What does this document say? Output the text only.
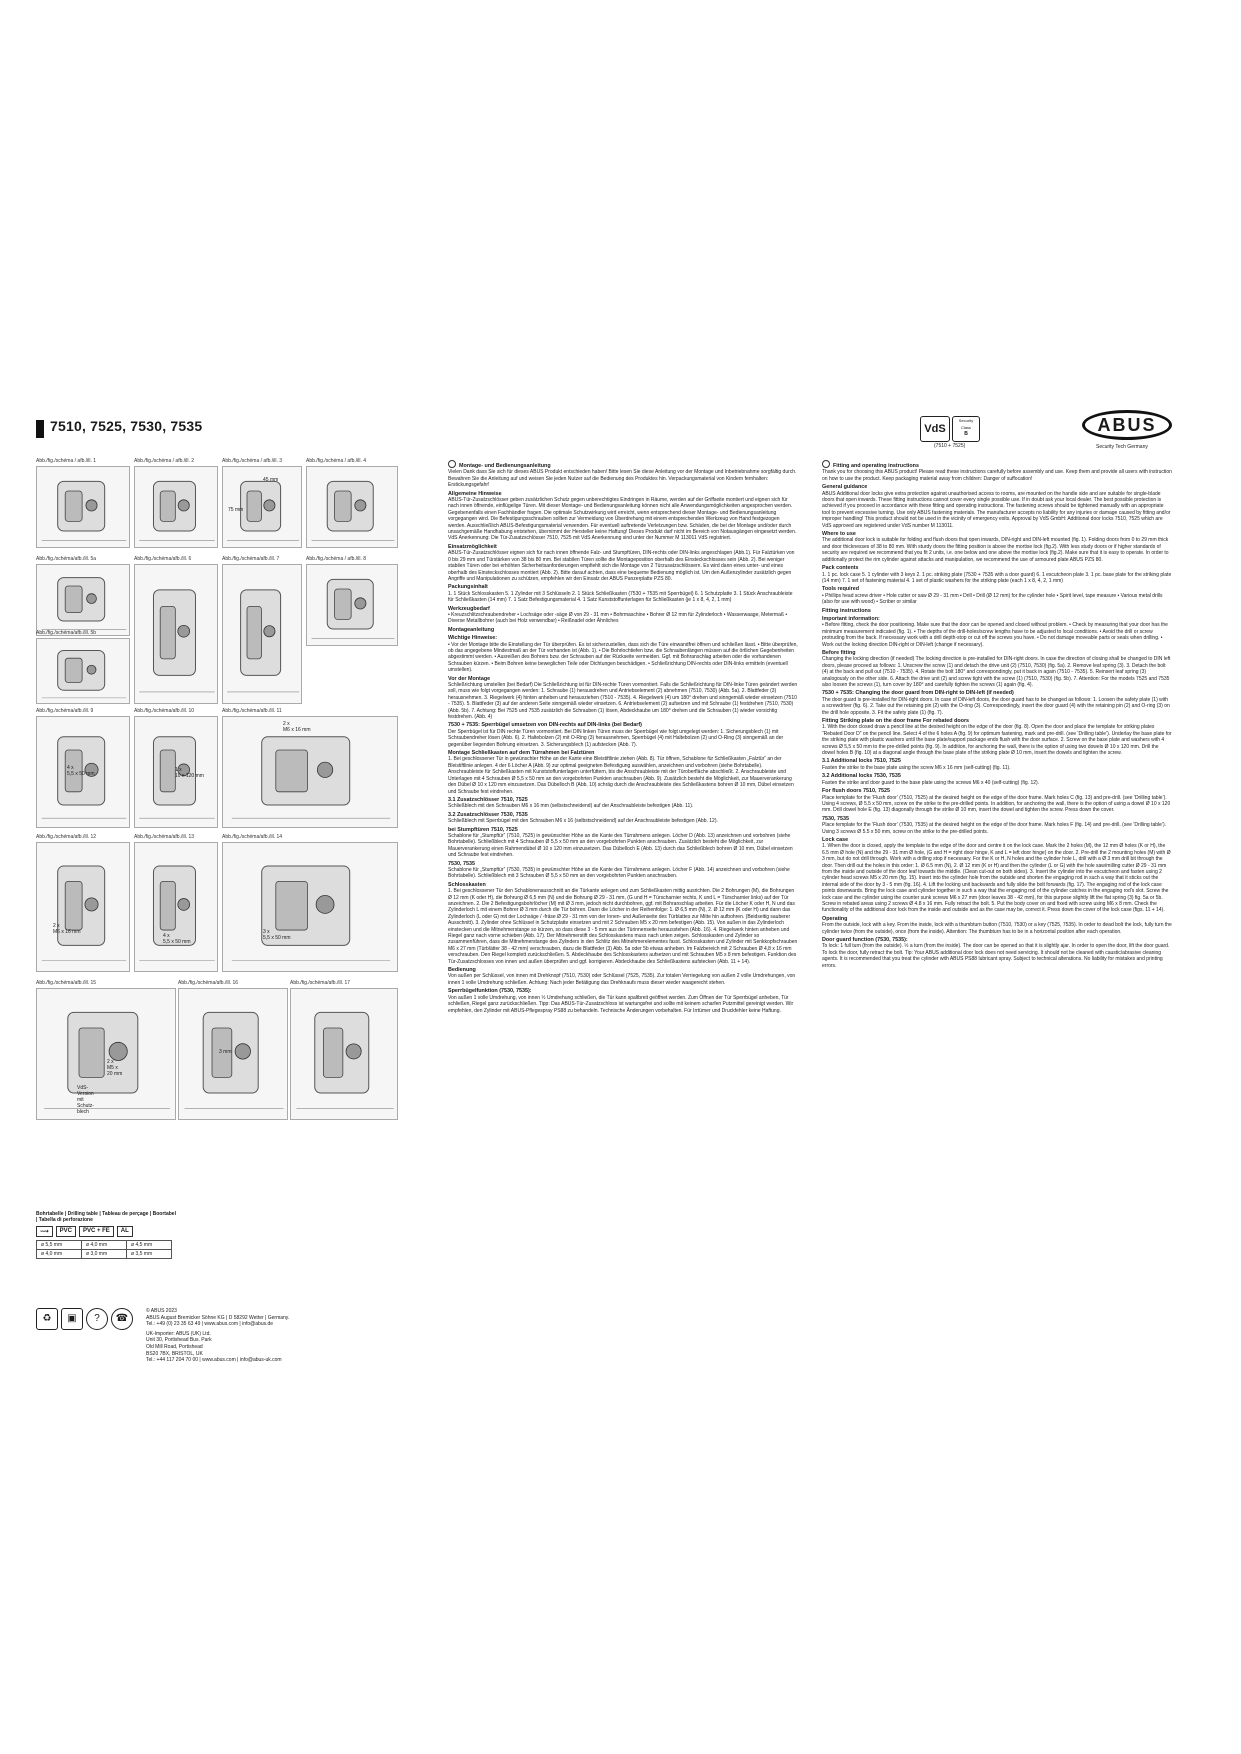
7510, 7525, 7530, 7535	VdS
Security
Class
B
(7510 + 7525)
ABUS
Security Tech Germany
Abb./fig./schéma / afb./ill. 1	Abb./fig./schéma / afb./ill. 2	Abb./fig./schéma / afb./ill. 3
45 mm
75 mm
Abb./fig./schéma / afb./ill. 4
Abb./fig./schéma/afb./ill. 5a	Abb./fig./schéma/afb./ill. 6	Abb./fig./schéma/afb./ill. 7	Abb./fig./schéma / afb./ill. 8
Abb./fig./schéma/afb./ill. 5b
Abb./fig./schéma/afb./ill. 9
4 x
5,5 x 50 mm
Abb./fig./schéma/afb./ill. 10
1 x
10 x 120 mm
Abb./fig./schéma/afb./ill. 11
2 x
M6 x 16 mm
Abb./fig./schéma/afb./ill. 12
2 x
M6 x 16 mm
Abb./fig./schéma/afb./ill. 13
4 x
5,5 x 50 mm
Abb./fig./schéma/afb./ill. 14
3 x
5,5 x 50 mm
Abb./fig./schéma/afb./ill. 15
2 x
M5 x
20 mm
VdS-
Version
mit
Schutz-
blech
Abb./fig./schéma/afb./ill. 16
3 mm
Abb./fig./schéma/afb./ill. 17
Bohrtabelle | Drilling table | Tableau de perçage | Boortabel | Tabella di perforazione
⟿	PVC	PVC + FE	AL
ø 5,5 mm	ø 4,0 mm	ø 4,5 mm
ø 4,0 mm	ø 3,0 mm	ø 3,5 mm
♻	▣	?	☎
© ABUS 2023
ABUS August Bremicker Söhne KG | D 58292 Wetter | Germany.
Tel.: +49 (0) 23 35 63 49 | www.abus.com | info@abus.de
UK-Importer: ABUS (UK) Ltd.
Unit 30, Portishead Bus. Park
Old Mill Road, Portishead
BS20 7BX, BRISTOL, UK
Tel.: +44 117 204 70 00 | www.abus.com | info@abus-uk.com
Montage- und Bedienungsanleitung

Vielen Dank dass Sie sich für dieses ABUS Produkt entschieden haben! Bitte lesen Sie diese Anleitung vor der Montage und Inbetriebnahme sorgfältig durch. Bewahren Sie die Anleitung auf und weisen Sie jeden Nutzer auf die Bedienung des Produktes hin. Verpackungsmaterial von Kindern fernhalten: Erstickungsgefahr!

Allgemeine Hinweise

ABUS-Tür-Zusatzschlösser geben zusätzlichen Schutz gegen unberechtigtes Eindringen in Räume, werden auf der Griffseite montiert und eignen sich für nach innen öffnende, einflügelige Türen. Mit dieser Montage- und Bedienungsanleitung können nicht alle Anwendungsmöglichkeiten angesprochen werden. Gegebenenfalls einen Fachhändler fragen. Die optimale Schutzwirkung wird erreicht, wenn entsprechend dieser Montage- und Bedienungsanleitung vorgegangen wird. Die Befestigungsschrauben sollten zur Vermeidung von Überdrehung mit einem entsprechenden Werkzeug von Hand festgezogen werden. Ausschließlich ABUS-Befestigungsmaterial verwenden. Für eventuell auftretende Verletzungen bzw. Schäden, die bei der Montage und/oder durch unsachgemäße Handhabung entstehen, übernimmt der Hersteller keine Haftung! Dieses Produkt darf nicht im Bereich von Notausgängen eingesetzt werden. VdS Anerkennung: Die Tür-Zusatzschlösser 7510, 7525 mit VdS Anerkennung sind unter der Nummer M 113011 VdS registriert.

Einsatzmöglichkeit

ABUS-Tür-Zusatzschlösser eignen sich für nach innen öffnende Falz- und Stumpftüren, DIN-rechts oder DIN-links angeschlagen (Abb.1). Für Falztürken von 0 bis 29 mm und Türstärken von 38 bis 80 mm. Bei stabilen Türen sollte die Montageposition oberhalb des Einsteckschlosses sein (Abb. 2). Bei weniger stabilen Türen oder bei erhöhten Sicherheitsanforderungen empfiehlt sich die Montage von 2 Türzusatzschlössern. Es wird dann eines unter- und eines oberhalb des Einsteckschlosses montiert (Abb. 2). Bitte darauf achten, dass eine bequeme Bedienung möglich ist. Um den Außenzylinder zusätzlich gegen Angriffe und Manipulationen zu schützen, empfehlen wir den Einsatz der ABUS Panzerplatte PZS 80.

Packungsinhalt

1. 1 Stück Schlosskasten 5. 1 Zylinder mit 3 Schlüsseln 2. 1 Stück Schließkasten (7530 + 7535 mit Sperrbügel) 6. 1 Schutzplatte 3. 1 Stück Anschraubleiste für Schließkasten (14 mm) 7. 1 Satz Befestigungsmaterial 4. 1 Satz Kunststoffunterlagen für Schließkasten (je 1 x 8, 4, 2, 1 mm)

Werkzeugbedarf

• Kreuzschlitzschraubendreher • Lochsäge oder -säge Ø von 29 - 31 mm • Bohrmaschine • Bohrer Ø 12 mm für Zylinderloch • Wasserwaage, Metermaß • Diverse Metallbohrer (auch bei Holz verwendbar) • Reißnadel oder Ähnliches

Montageanleitung
Wichtige Hinweise:

• Vor der Montage bitte die Einstellung der Tür überprüfen. Es ist sicherzustellen, dass sich die Türe einwandfrei öffnen und schließen lässt. • Bitte überprüfen, ob das angegebene Mindestmaß an der Tür vorhanden ist (Abb. 1). • Die Bohrlochtiefen bzw. die Schraubenlängen müssen auf die örtlichen Gegebenheiten abgestimmt werden. • Ausreißen des Bohrers bzw. der Schrauben auf der Rückseite vermeiden. Ggf. mit Bohranschlag arbeiten oder die vorhandenen Schrauben kürzen. • Beim Bohren keine beweglichen Teile oder Dichtungen beschädigen. • Schließrichtung DIN-rechts oder DIN-links ermitteln (eventuell umstellen).

Vor der Montage

Schließrichtung umstellen (bei Bedarf) Die Schließrichtung ist für DIN-rechte Türen vormontiert. Falls die Schließrichtung für DIN-linke Türen geändert werden soll, muss wie folgt vorgegangen werden: 1. Schraube (1) herausdrehen und Antriebselement (2) abnehmen (7510, 7530) (Abb. 5a). 2. Blattfeder (3) herausnehmen. 3. Riegelwerk (4) hinten anheben und herausziehen (7510 - 7535). 4. Riegelwerk (4) um 180° drehen und sinngemäß wieder einsetzen (7510 - 7535). 5. Blattfeder (3) auf der anderen Seite sinngemäß wieder einsetzen. 6. Antriebselement (2) aufsetzen und mit Schraube (1) festdrehen (7510, 7530) (Abb. 5b). 7. Achtung: Bei 7525 und 7535 zusätzlich die Schrauben (1) lösen, Abdeckhaube um 180° drehen und die Schrauben (1) wieder vorsichtig festdrehen. (Abb. 4)

7530 + 7535: Sperrbügel umsetzen von DIN-rechts auf DIN-links (bei Bedarf)

Der Sperrbügel ist für DIN rechte Türen vormontiert. Bei DIN linken Türen muss der Sperrbügel wie folgt umgelegt werden: 1. Sicherungsblech (1) mit Schraubendreher lösen (Abb. 6). 2. Haltebolzen (2) mit O-Ring (3) herausnehmen, Sperrbügel (4) mit Haltebolzen (2) und O-Ring (3) sinngemäß an der gegenüber liegenden Bohrung einsetzen. 3. Sicherungsblech (1) aufstecken (Abb. 7).

Montage Schließkasten auf dem Türrahmen bei Falztüren

1. Bei geschlossener Tür in gewünschter Höhe an der Kante eine Bleistiftlinie ziehen (Abb. 8). Tür öffnen, Schablone für Schließkasten „Falztür“ an der Bleistiftlinie anlegen. 4 der 6 Löcher A (Abb. 9) zur optimal geeigneten Befestigung auswählen, anzeichnen und vorbohren (siehe Bohrtabelle). Anschraubleiste für Schließkasten mit Kunststoffunterlagen unterfüttern, bis die Anschraubleiste mit der Türoberfläche abschließt. 2. Anschraubleiste und Unterlagen mit 4 Schrauben Ø 5,5 x 50 mm an den vorgebohrten Punkten anschrauben (Abb. 9). Zusätzlich besteht die Möglichkeit, zur Mauerverankerung den Dübel Ø 10 x 120 mm einzusetzen. Das Dübelloch B (Abb. 10) schräg durch die Anschraubleiste des Schließkastens bohren Ø 10 mm, Dübel einsetzen und Schraube fest eindrehen.

3.1 Zusatzschlösser 7510, 7525

Schließblech mit den Schrauben M6 x 16 mm (selbstschneidend) auf der Anschraubleiste befestigen (Abb. 11).

3.2 Zusatzschlösser 7530, 7535

Schließblech mit Sperrbügel mit den Schrauben M6 x 16 (selbstschneidend) auf der Anschraubleiste befestigen (Abb. 12).

bei Stumpftüren 7510, 7525

Schablone für „Stumpftür“ (7510, 7525) in gewünschter Höhe an die Kante des Türrahmens anlegen. Löcher D (Abb. 13) anzeichnen und vorbohren (siehe Bohrtabelle). Schließblech mit 4 Schrauben Ø 5,5 x 50 mm an den vorgebohrten Punkten anschrauben. Zusätzlich besteht die Möglichkeit, zur Mauerverankerung einen Rahmendübel Ø 10 x 120 mm einzusetzen. Das Dübelloch E (Abb. 13) durch das Schließblech bohren Ø 10 mm, Dübel einsetzen und Schraube fest eindrehen.

7530, 7535

Schablone für „Stumpftür“ (7530, 7535) in gewünschter Höhe an die Kante des Türrahmens anlegen. Löcher F (Abb. 14) anzeichnen und vorbohren (siehe Bohrtabelle). Schließblech mit 3 Schrauben Ø 5,5 x 50 mm an den vorgebohrten Punkten anschrauben.

Schlosskasten

1. Bei geschlossener Tür den Schablonenausschnitt an die Türkante anlegen und zum Schließkasten mittig ausrichten. Die 2 Bohrungen (M), die Bohrungen Ø 12 mm (K oder H), die Bohrung Ø 6,5 mm (N) und die Bohrung Ø 29 - 31 mm, (G und H = Türscharnier rechts, K und L = Türscharnier links) auf der Tür anzeichnen. 2. Die 2 Befestigungsbohrlöcher (M) mit Ø 3 mm, jedoch nicht durchbohren, ggf. mit Bohranschlag arbeiten. Für die Löcher K oder H, N und das Zylinderloch L mit einem Bohrer Ø 3 mm durch die Tür bohren. Dann die Löcher in der Reihenfolge: 1. Ø 6,5 mm (N), 2. Ø 12 mm (K oder H) und dann das Zylinderloch (L oder G) mit der Lochsäge / -fräse Ø 29 - 31 mm von der Innen- und Außenseite des Türblattes zur Mitte hin aufbohren. (Beidseitig sauberer Ausschnitt). 3. Zylinder ohne Schlüssel in Schutzplatte einsetzen und mit 2 Schrauben M5 x 20 mm befestigen (Abb. 15). Von außen in das Zylinderloch einstecken und die Mitnehmerstange so kürzen, so dass diese 3 - 5 mm aus der Türinnenseite herausstehen (Abb. 16). 4. Riegelwerk hinten anheben und Riegel ganz nach vorne schieben (Abb. 17). Der Mitnehmerstift des Schlosskastens muss nach unten zeigen. Schlosskasten und Zylinder so zusammenführen, dass die Mitnehmerstange des Zylinders in den Schlitz des Mitnehmerelementes fasst. Schlosskasten und Zylinder mit Senkkopfschrauben M6 x 27 mm (Türblätter 38 - 42 mm) verschrauben, dazu die Blattfeder (3) Abb. 5a oder 5b etwas anheben. Im Falzbereich mit 2 Schrauben Ø 4,8 x 16 mm verschrauben. Den Riegel komplett zurückschließen. 5. Abdeckhaube des Schlosskastens aufsetzen und mit Schrauben M5 x 8 mm befestigen. Funktion des Tür-Zusatzschlosses von innen und außen überprüfen und ggf. korrigieren. Abdeckhaube des Schließkastens aufstecken (Abb. 11 + 14).

Bedienung

Von außen per Schlüssel, von innen mit Drehknopf (7510, 7530) oder Schlüssel (7525, 7535). Zur totalen Verriegelung von außen 2 volle Umdrehungen, von innen 1 volle Umdrehung schließen. Achtung: Nach jeder Betätigung das Drehknaufs muss dieser wieder waagerecht stehen.

Sperrbügelfunktion (7530, 7535):

Von außen 1 volle Umdrehung, von innen ½ Umdrehung schließen, die Tür kann spaltbreit geöffnet werden. Zum Öffnen der Tür Sperrbügel anheben, Tür schließen, Riegel ganz zurückschließen. Tipp: Das ABUS-Tür-Zusatzschloss ist wartungsfrei und sollte mit keinem scharfen Putzmittel gereinigt werden. Wir empfehlen, den Zylinder mit ABUS-Pflegespray PS88 zu behandeln. Technische Änderungen vorbehalten. Für Irrtümer und Druckfehler keine Haftung.

Fitting and operating instructions

Thank you for choosing this ABUS product! Please read these instructions carefully before assembly and use. Keep them and provide all users with instruction on how to use the product. Keep packaging material away from children: Danger of suffocation!

General guidance

ABUS Additional door locks give extra protection against unauthorised access to rooms, are mounted on the handle side and are suitable for single-blade doors that open inwards. These fitting instructions cannot cover every single possible use. If in doubt ask your local dealer. The best possible protection is achieved if you proceed in accordance with these fitting and operating instructions. The fastening screws should be tightened manually with an appropriate tool to prevent excessive turning. Use only ABUS fastening materials. The manufacturer accepts no liability for any injuries or damage caused by fitting and/or improper handling! This product should not be used in the vicinity of emergency exits. Approval by VdS GmbH: Additional door locks 7510, 7525 which are VdS approved are registered under VdS number M 113011.

Where to use

The additional door lock is suitable for folding and flush doors that open inwards, DIN-right and DIN-left mounted (fig. 1). Folding doors from 0 to 29 mm thick and door thicknesses of 38 to 80 mm. With sturdy doors the fitting position is above the mortise lock (fig.2). With less study doors or if higher standards of security are required we recommend that you fit 2 units, i.e. one below and one above the mortise lock (fig.2). Make sure that it is easy to operate. In order to additionally protect the rim cylinder against attacks and manipulation, we recommend the use of armoured plate ABUS PZS 80.

Pack contents

1. 1 pc. lock case 5. 1 cylinder with 3 keys 2. 1 pc. striking plate (7530 + 7535 with a door guard) 6. 1 escutcheon plate 3. 1 pc. base plate for the striking plate (14 mm) 7. 1 set of fastening material 4. 1 set of plastic washers for the striking plate (each 1 x 8, 4, 2, 1 mm)

Tools required

• Phillips head screw driver • Hole cutter or saw Ø 29 - 31 mm • Drill • Drill (Ø 12 mm) for the cylinder hole • Spirit level, tape measure • Various metal drills (also for use with wood) • Scriber or similar

Fitting instructions
Important information:

• Before fitting, check the door positioning. Make sure that the door can be opened and closed without problem. • Check by measuring that your door has the minimum measurement indicated (fig. 1). • The depths of the drill-holes/screw lengths have to be adjusted to local conditions. • Avoid the drill or screw protruding from the back. If necessary work with a drill depth-stop or cut off the screws you have. • Do not damage moveable parts or seals when drilling. • Work out the locking direction DIN-right or DIN-left (change if necessary).

Before fitting

Changing the locking direction (if needed) The locking direction is pre-installed for DIN-right doors. In case the direction of closing shall be changed to DIN left doors, please proceed as follows: 1. Unscrew the screw (1) and detach the drive unit (2) (7510, 7530) (fig. 5a). 2. Remove leaf spring (3). 3. Detach the bolt (4) at the back and pull out (7510 - 7535). 4. Rotate the bolt 180° and correspondingly, put it back in again (7510 - 7535). 5. Reinsert leaf spring (3) analogously on the other side. 6. Attach the drive unit (2) and screw tight with the screw (1) (7510, 7530) (fig. 5b). 7. Attention: For the models 7525 and 7535 also loosen the screws (1), turn cover by 180° and carefully tighten the screws (1) again (fig. 4).

7530 + 7535: Changing the door guard from DIN-right to DIN-left (if needed)

The door guard is pre-installed for DIN-right doors. In case of DIN-left doors, the door guard has to be changed as follows: 1. Loosen the safety plate (1) with a screwdriver (fig. 6). 2. Take out the retaining pin (2) with the O-ring (3). Correspondingly, insert the door guard (4) with the retaining pin (2) and O-ring (3) on the drill hole opposite. 3. Fit the safety plate (1) (fig. 7).

Fitting Striking plate on the door frame For rebated doors

1. With the door closed draw a pencil line at the desired height on the edge of the door (fig. 8). Open the door and place the template for striking plates “Rebated Door D” on the pencil line. Select 4 of the 6 holes A (fig. 9) for optimum fastening, mark and pre-drill. (see ‘Drilling table’). Underlay the base plate for the striking plate with plastic washers until the base plate/support package ends flush with the door surface. 2. Screw on the base plate and washers with 4 screws Ø 5,5 x 50 mm to the pre-drilled points (fig. 9). In addition, for anchoring the wall, there is the option of using two dowels Ø 10 x 120 mm. Drill the dowel holes B (fig. 10) at a diagonal angle through the base plate of the striking plate Ø 10 mm, insert the dowels and tighten the screw.

3.1 Additional locks 7510, 7525

Fasten the strike to the base plate using the screw M6 x 16 mm (self-cutting) (fig. 11).

3.2 Additional locks 7530, 7535

Fasten the strike and door guard to the base plate using the screws M6 x 40 (self-cutting) (fig. 12).

For flush doors 7510, 7525

Place template for the ‘Flush door’ (7510, 7525) at the desired height on the edge of the door frame. Mark holes C (fig. 13) and pre-drill. (see ‘Drilling table’). Using 4 screws, Ø 5.5 x 50 mm, screw on the strike to the pre-drilled points. In addition, for anchoring the wall, there is the option of using a dowel Ø 10 x 120 mm. Drill dowel hole E (fig. 13) diagonally through the strike Ø 10 mm, insert the dowel and tighten the screw. Press down the cover.

7530, 7535

Place template for the ‘Flush door’ (7530, 7535) at the desired height on the edge of the door frame. Mark holes F (fig. 14) and pre-drill. (see ‘Drilling table’). Using 3 screws Ø 5.5 x 50 mm, screw on the strike to the pre-drilled points.

Lock case

1. When the door is closed, apply the template to the edge of the door and centre it on the lock case. Mark the 2 holes (M), the 12 mm Ø holes (K or H), the 6.5 mm Ø hole (N) and the 29 - 31 mm Ø hole, (G and H = right door hinge, K and L = left door hinge) on the door. 2. Pre-drill the 2 mounting holes (M) with Ø 3 mm, but do not drill through. Work with a drilling stop if necessary. For the K or H, N holes and the cylinder hole L, drill with a Ø 3 mm drill bit through the door. Then drill out the holes in this order: 1. Ø 6.5 mm (N), 2. Ø 12 mm (K or H) and then the cylinder (L or G) with the hole saw/milling cutter Ø 29 - 31 mm from the inside and outside of the door leaf towards the middle. (Clean cut-out on both sides). 3. Insert the cylinder into the escutcheon and fasten using 2 cylinder head screws M5 x 20 mm (fig. 15). Insert into the cylinder hole from the outside and shorten the engaging rod in such a way that it sticks out the internal side of the door by 3 - 5 mm (fig. 16). 4. Lift the locking unit backwards and fully slide the bolt forwards (fig. 17). The engaging rod of the lock case points downwards. Bring the lock case and cylinder together in such a way that the engaging rod of the cylinder catches in the engaging rod's slot. Screw the lock case and the cylinder using the counter sunk screws M6 x 27 mm (door leaves 38 - 42 mm), for this purpose slightly lift the flat spring (3) fig. 5a or 5b. Screw in rebated areas using 2 screws Ø 4.8 x 16 mm. Fully retract the bolt. 5. Put the body cover on and fixed with screw using M6 x 8 mm. Check the functionality of the additional door lock from the inside and outside and as the case may be, correct it. Press down the cover of the lock case (figs. 11 + 14).

Operating

From the outside, lock with a key. From the inside, lock with a thumbturn button (7510, 7530) or a key (7525, 7535). In order to dead bolt the lock, fully turn the cylinder twice (from the outside), once (from the inside). Attention: The thumbturn has to be in a horizontal position after each operation.

Door guard function (7530, 7535):

To lock: 1 full turn (from the outside). ½ a turn (from the inside). The door can be opened so that it is slightly ajar. In order to open the door, lift the door guard. To lock the door, fully retract the bolt. Tip: Your ABUS additional door lock does not need servicing. It should not be cleaned with caustic/abrasive cleaning agents. It is recommended that you treat the cylinder with ABUS PS88 lubricant spray. Subject to technical alterations. No liability for mistakes and printing errors.
